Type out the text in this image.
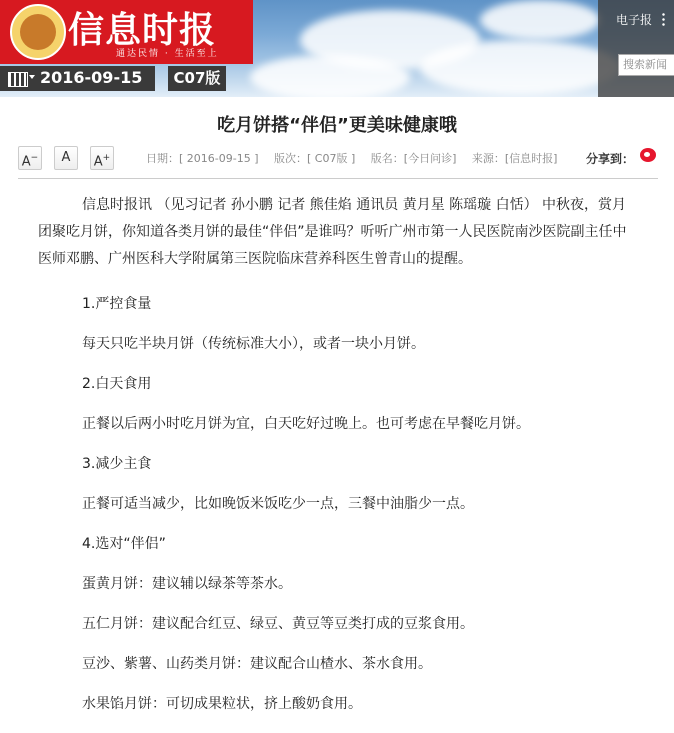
信息时报
通达民情 · 生活至上
2016-09-15	C07版
电子报
搜索新闻
吃月饼搭“伴侣”更美味健康哦
A−	A	A+	日期：[ 2016-09-15 ] 版次：[ C07版 ] 版名：[今日问诊] 来源：[信息时报]	分享到：

信息时报讯 （见习记者 孙小鹏 记者 熊佳焰 通讯员 黄月星 陈瑶璇 白恬） 中秋夜，赏月团聚吃月饼，你知道各类月饼的最佳“伴侣”是谁吗？听听广州市第一人民医院南沙医院副主任中医师邓鹏、广州医科大学附属第三医院临床营养科医生曾青山的提醒。

1.严控食量

每天只吃半块月饼（传统标准大小），或者一块小月饼。

2.白天食用

正餐以后两小时吃月饼为宜，白天吃好过晚上。也可考虑在早餐吃月饼。

3.减少主食

正餐可适当减少，比如晚饭米饭吃少一点，三餐中油脂少一点。

4.选对“伴侣”

蛋黄月饼：建议辅以绿茶等茶水。

五仁月饼：建议配合红豆、绿豆、黄豆等豆类打成的豆浆食用。

豆沙、紫薯、山药类月饼：建议配合山楂水、茶水食用。

水果馅月饼：可切成果粒状，挤上酸奶食用。
